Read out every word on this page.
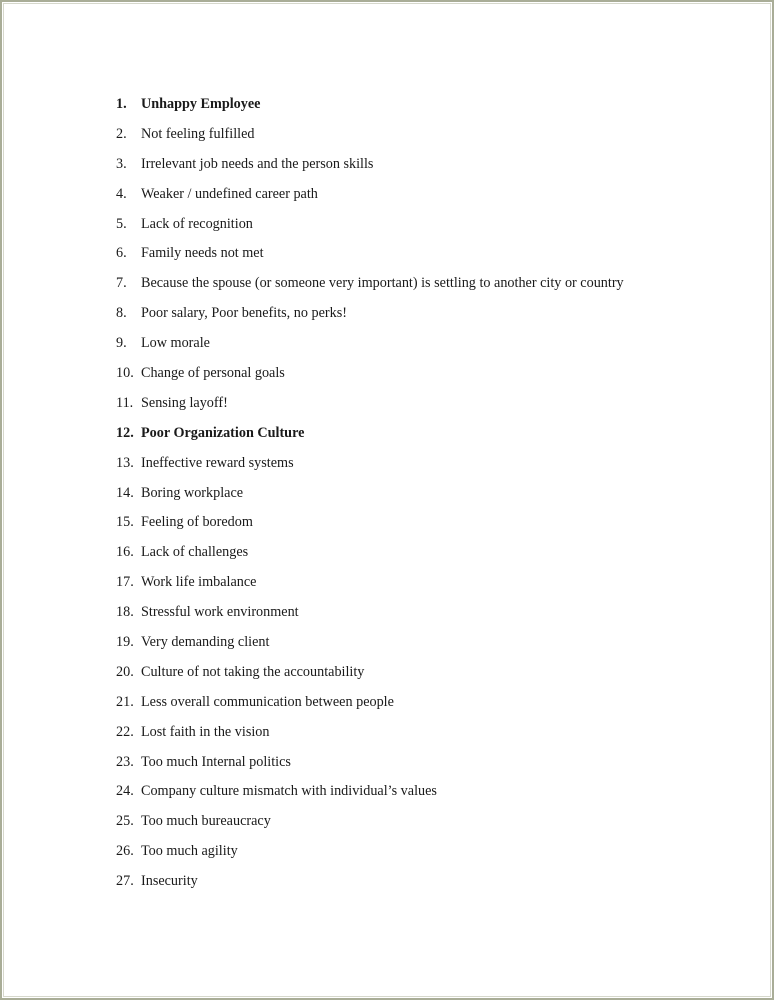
1. Unhappy Employee
2. Not feeling fulfilled
3. Irrelevant job needs and the person skills
4. Weaker / undefined career path
5. Lack of recognition
6. Family needs not met
7. Because the spouse (or someone very important) is settling to another city or country
8. Poor salary, Poor benefits, no perks!
9. Low morale
10. Change of personal goals
11. Sensing layoff!
12. Poor Organization Culture
13. Ineffective reward systems
14. Boring workplace
15. Feeling of boredom
16. Lack of challenges
17. Work life imbalance
18. Stressful work environment
19. Very demanding client
20. Culture of not taking the accountability
21. Less overall communication between people
22. Lost faith in the vision
23. Too much Internal politics
24. Company culture mismatch with individual’s values
25. Too much bureaucracy
26. Too much agility
27. Insecurity
